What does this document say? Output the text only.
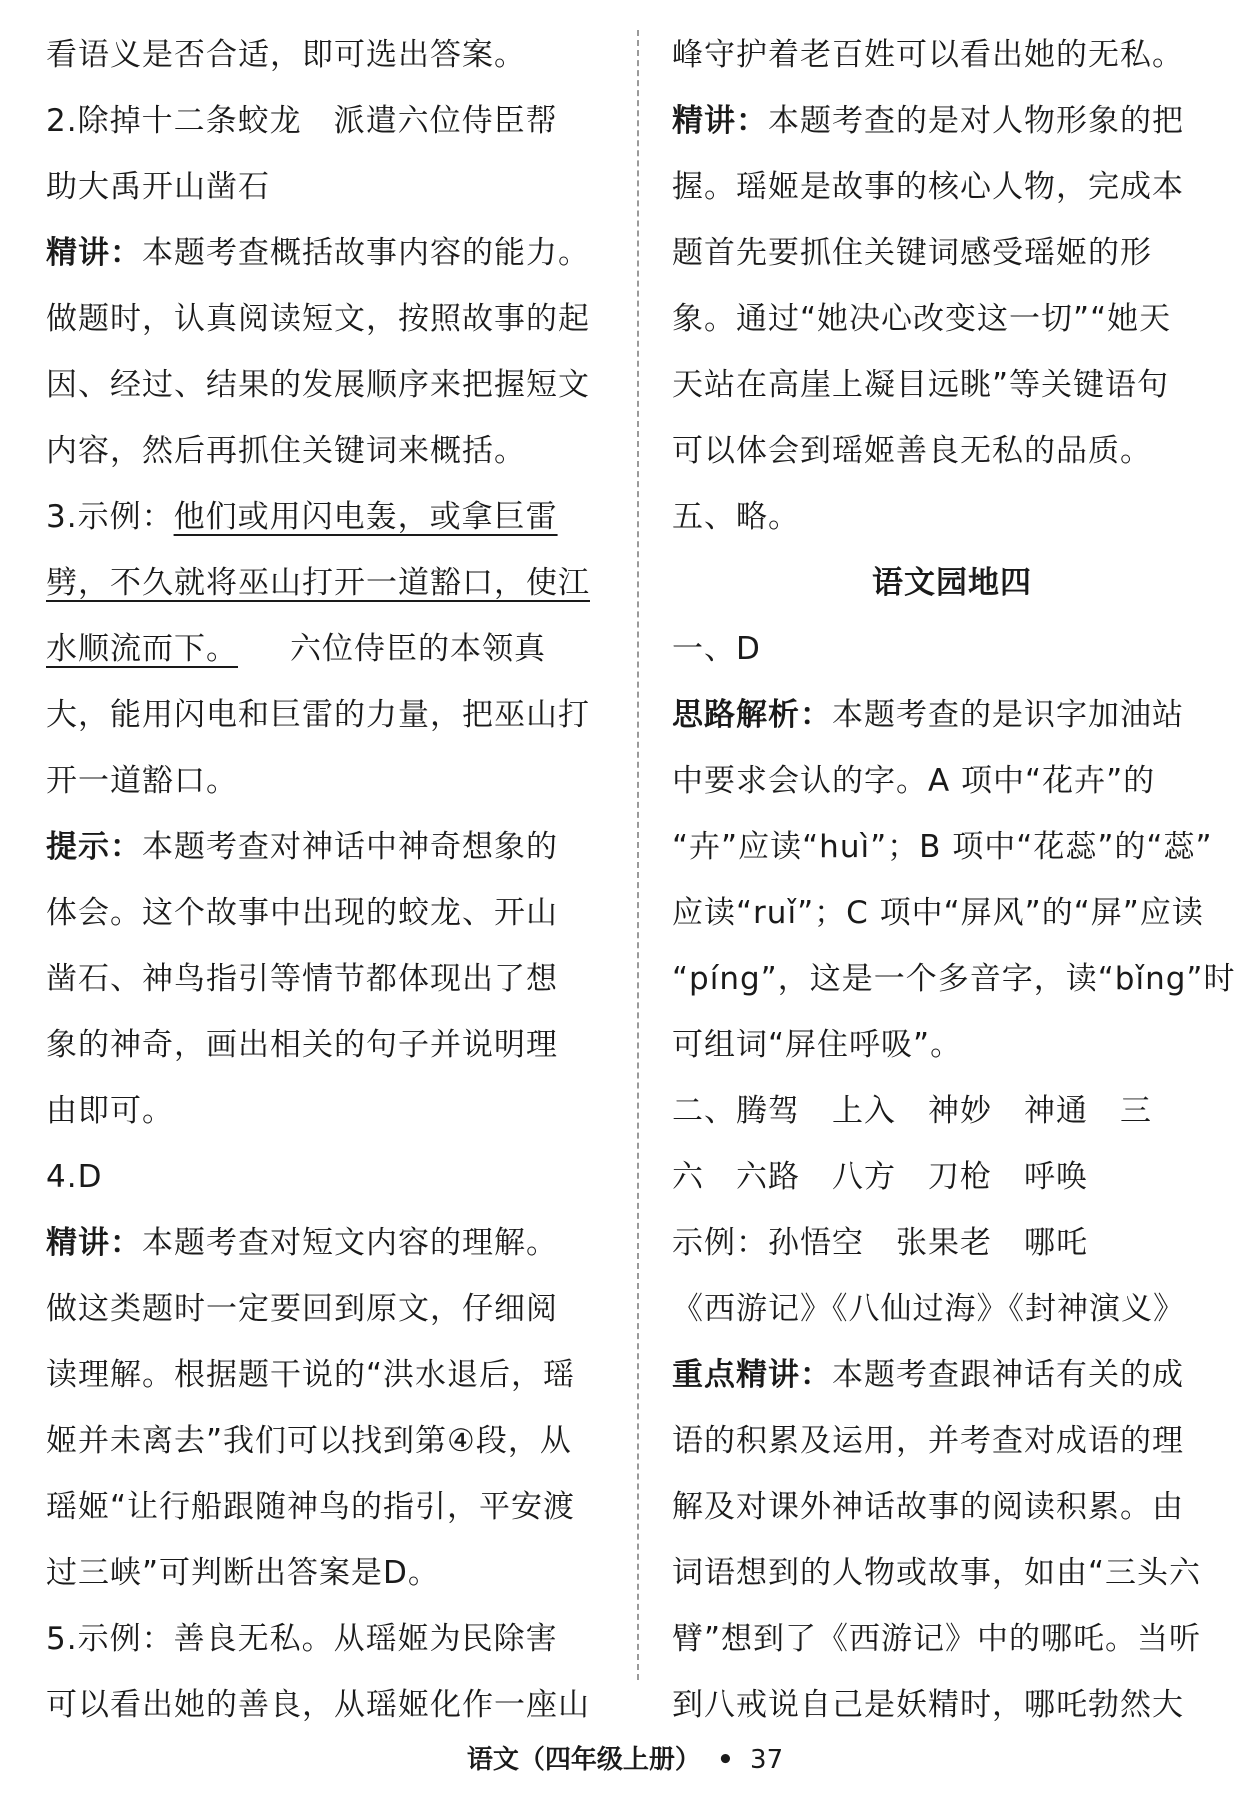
看语义是否合适，即可选出答案。
2.除掉十二条蛟龙　派遣六位侍臣帮
助大禹开山凿石
精讲：本题考查概括故事内容的能力。
做题时，认真阅读短文，按照故事的起
因、经过、结果的发展顺序来把握短文
内容，然后再抓住关键词来概括。
3.示例：他们或用闪电轰，或拿巨雷
劈，不久就将巫山打开一道豁口，使江
水顺流而下。 六位侍臣的本领真
大，能用闪电和巨雷的力量，把巫山打
开一道豁口。
提示：本题考查对神话中神奇想象的
体会。这个故事中出现的蛟龙、开山
凿石、神鸟指引等情节都体现出了想
象的神奇，画出相关的句子并说明理
由即可。
4.D
精讲：本题考查对短文内容的理解。
做这类题时一定要回到原文，仔细阅
读理解。根据题干说的“洪水退后，瑶
姬并未离去”我们可以找到第④段，从
瑶姬“让行船跟随神鸟的指引，平安渡
过三峡”可判断出答案是D。
5.示例：善良无私。从瑶姬为民除害
可以看出她的善良，从瑶姬化作一座山
峰守护着老百姓可以看出她的无私。
精讲：本题考查的是对人物形象的把
握。瑶姬是故事的核心人物，完成本
题首先要抓住关键词感受瑶姬的形
象。通过“她决心改变这一切”“她天
天站在高崖上凝目远眺”等关键语句
可以体会到瑶姬善良无私的品质。
五、略。
语文园地四
一、D
思路解析：本题考查的是识字加油站
中要求会认的字。A 项中“花卉”的
“卉”应读“huì”；B 项中“花蕊”的“蕊”
应读“ruǐ”；C 项中“屏风”的“屏”应读
“píng”，这是一个多音字，读“bǐng”时
可组词“屏住呼吸”。
二、腾驾　上入　神妙　神通　三
六　六路　八方　刀枪　呼唤
示例：孙悟空　张果老　哪吒
《西游记》《八仙过海》《封神演义》
重点精讲：本题考查跟神话有关的成
语的积累及运用，并考查对成语的理
解及对课外神话故事的阅读积累。由
词语想到的人物或故事，如由“三头六
臂”想到了《西游记》中的哪吒。当听
到八戒说自己是妖精时，哪吒勃然大
语文（四年级上册） • 37
